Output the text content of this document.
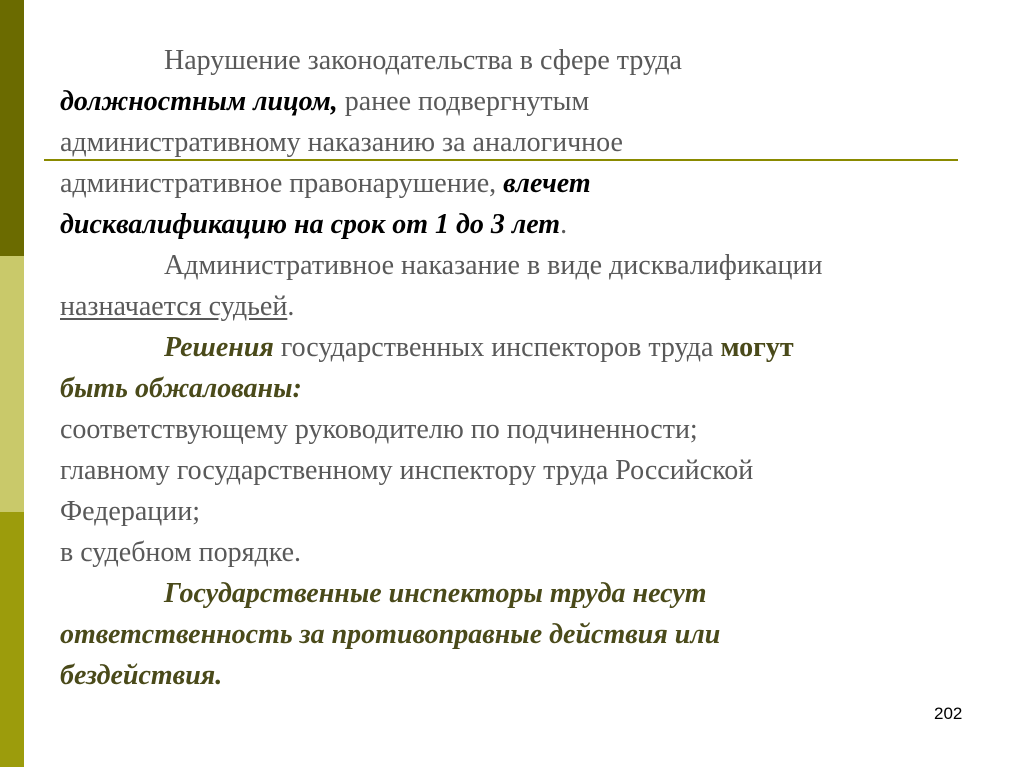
Нарушение законодательства в сфере труда
должностным лицом, ранее подвергнутым
административному наказанию за аналогичное
административное правонарушение, влечет
дисквалификацию на срок от 1 до 3 лет.
Административное наказание в виде дисквалификации
назначается судьей.
Решения государственных инспекторов труда могут
быть обжалованы:
соответствующему руководителю по подчиненности;
главному государственному инспектору труда Российской
Федерации;
в судебном порядке.
Государственные инспекторы труда несут
ответственность за противоправные действия или
бездействия.
202
